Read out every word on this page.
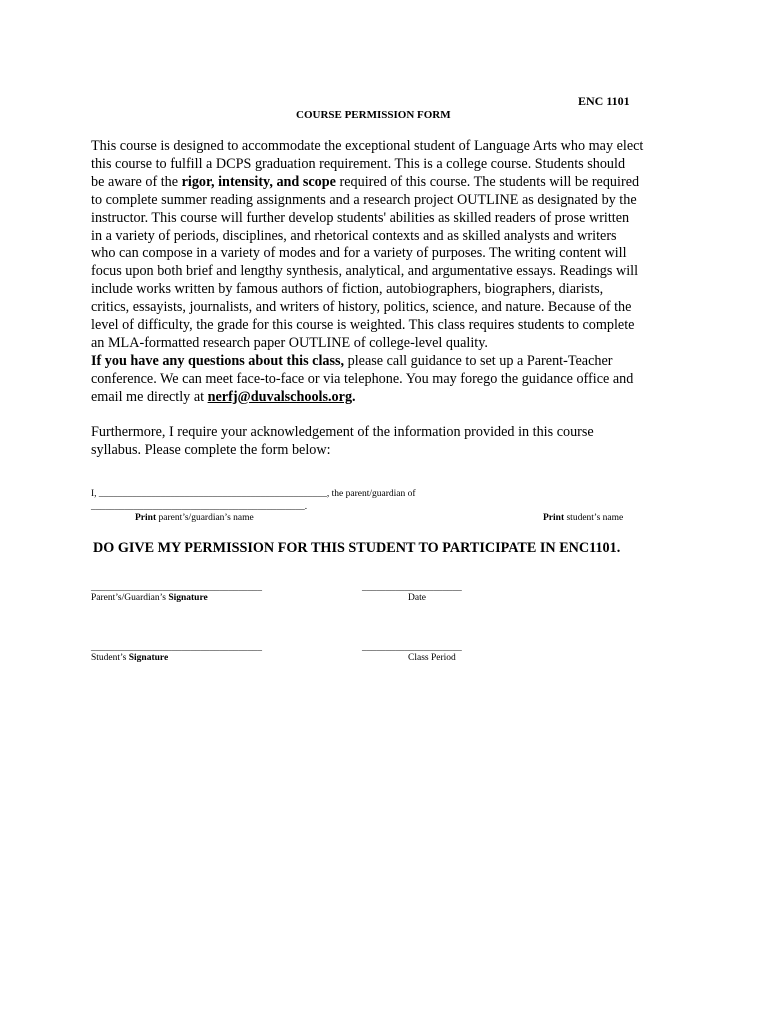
ENC 1101
COURSE PERMISSION FORM
This course is designed to accommodate the exceptional student of Language Arts who may elect
this course to fulfill a DCPS graduation requirement. This is a college course. Students should
be aware of the rigor, intensity, and scope required of this course. The students will be required
to complete summer reading assignments and a research project OUTLINE as designated by the
instructor. This course will further develop students' abilities as skilled readers of prose written
in a variety of periods, disciplines, and rhetorical contexts and as skilled analysts and writers
who can compose in a variety of modes and for a variety of purposes. The writing content will
focus upon both brief and lengthy synthesis, analytical, and argumentative essays. Readings will
include works written by famous authors of fiction, autobiographers, biographers, diarists,
critics, essayists, journalists, and writers of history, politics, science, and nature. Because of the
level of difficulty, the grade for this course is weighted. This class requires students to complete
an MLA-formatted research paper OUTLINE of college-level quality.
If you have any questions about this class, please call guidance to set up a Parent-Teacher
conference. We can meet face-to-face or via telephone. You may forego the guidance office and
email me directly at nerfj@duvalschools.org.
Furthermore, I require your acknowledgement of the information provided in this course
syllabus. Please complete the form below:
I, ________________________________________________, the parent/guardian of
_____________________________________________.
Print parent’s/guardian’s name	Print student’s name
DO GIVE MY PERMISSION FOR THIS STUDENT TO PARTICIPATE IN ENC1101.
____________________________________
Parent’s/Guardian’s Signature
_____________________
Date
____________________________________
Student’s Signature
_____________________
Class Period
